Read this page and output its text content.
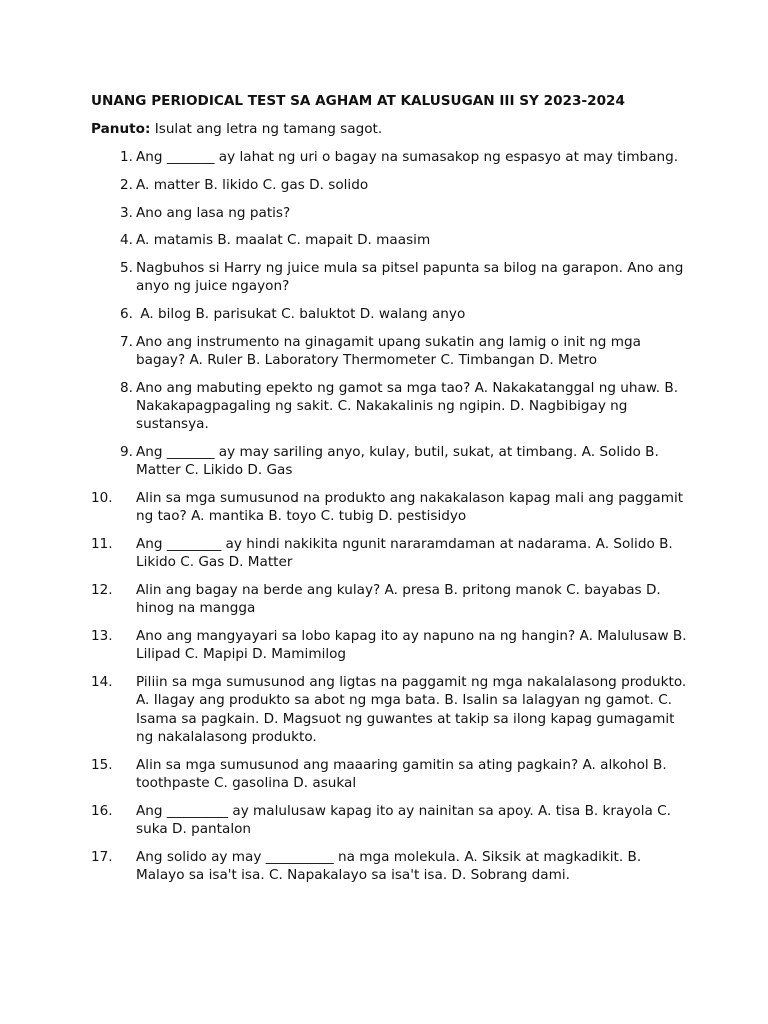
UNANG PERIODICAL TEST SA AGHAM AT KALUSUGAN III SY 2023-2024
Panuto: Isulat ang letra ng tamang sagot.
1. Ang _______ ay lahat ng uri o bagay na sumasakop ng espasyo at may timbang.
2. A. matter B. likido C. gas D. solido
3. Ano ang lasa ng patis?
4. A. matamis B. maalat C. mapait D. maasim
5. Nagbuhos si Harry ng juice mula sa pitsel papunta sa bilog na garapon. Ano ang anyo ng juice ngayon?
6. A. bilog B. parisukat C. baluktot D. walang anyo
7. Ano ang instrumento na ginagamit upang sukatin ang lamig o init ng mga bagay? A. Ruler B. Laboratory Thermometer C. Timbangan D. Metro
8. Ano ang mabuting epekto ng gamot sa mga tao? A. Nakakatanggal ng uhaw. B. Nakakapagpagaling ng sakit. C. Nakakalinis ng ngipin. D. Nagbibigay ng sustansya.
9. Ang _______ ay may sariling anyo, kulay, butil, sukat, at timbang. A. Solido B. Matter C. Likido D. Gas
10.	Alin sa mga sumusunod na produkto ang nakakalason kapag mali ang paggamit ng tao? A. mantika B. toyo C. tubig D. pestisidyo
11.	Ang ________ ay hindi nakikita ngunit nararamdaman at nadarama. A. Solido B. Likido C. Gas D. Matter
12.	Alin ang bagay na berde ang kulay? A. presa B. pritong manok C. bayabas D. hinog na mangga
13.	Ano ang mangyayari sa lobo kapag ito ay napuno na ng hangin? A. Malulusaw B. Lilipad C. Mapipi D. Mamimilog
14.	Piliin sa mga sumusunod ang ligtas na paggamit ng mga nakalalasong produkto. A. Ilagay ang produkto sa abot ng mga bata. B. Isalin sa lalagyan ng gamot. C. Isama sa pagkain. D. Magsuot ng guwantes at takip sa ilong kapag gumagamit ng nakalalasong produkto.
15.	Alin sa mga sumusunod ang maaaring gamitin sa ating pagkain? A. alkohol B. toothpaste C. gasolina D. asukal
16.	Ang _________ ay malulusaw kapag ito ay nainitan sa apoy. A. tisa B. krayola C. suka D. pantalon
17.	Ang solido ay may __________ na mga molekula. A. Siksik at magkadikit. B. Malayo sa isa't isa. C. Napakalayo sa isa't isa. D. Sobrang dami.
